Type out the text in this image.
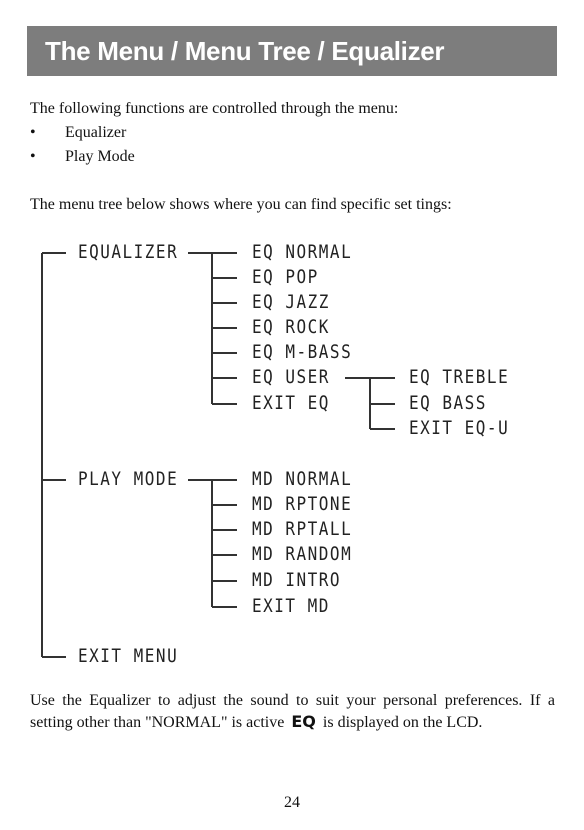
The Menu / Menu Tree / Equalizer

The following functions are controlled through the menu:

• Equalizer
• Play Mode

The menu tree below shows where you can find specific set tings:

EQUALIZER	EQ NORMAL
EQ POP
EQ JAZZ
EQ ROCK
EQ M-BASS
EQ USER
EXIT EQ
EQ TREBLE
EQ BASS
EXIT EQ-U
PLAY MODE	MD NORMAL
MD RPTONE
MD RPTALL
MD RANDOM
MD INTRO
EXIT MD
EXIT MENU

Use the Equalizer to adjust the sound to suit your personal preferences. If a setting other than "NORMAL" is active EQ is displayed on the LCD.

24
